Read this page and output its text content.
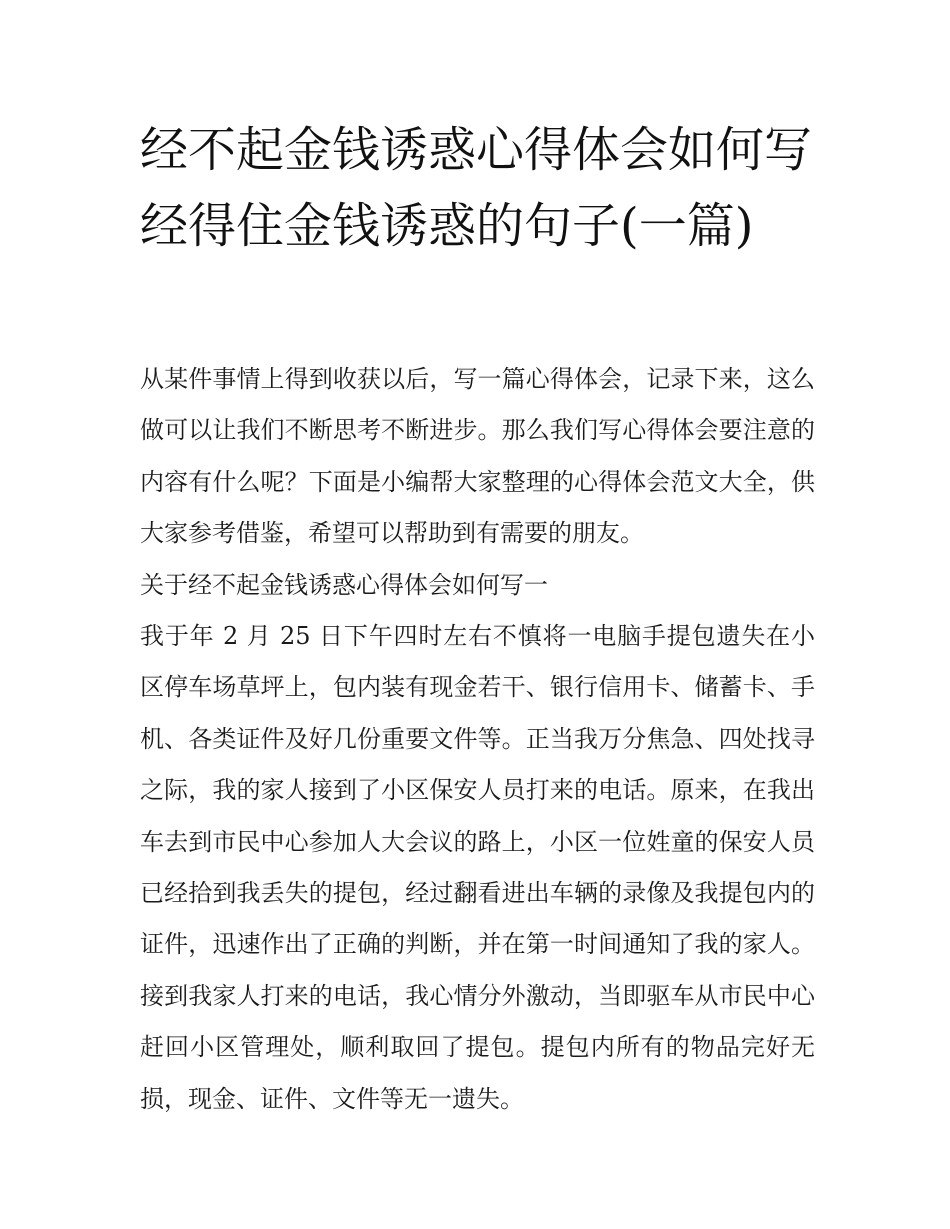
经不起金钱诱惑心得体会如何写 经得住金钱诱惑的句子(一篇)

从某件事情上得到收获以后，写一篇心得体会，记录下来，这么做可以让我们不断思考不断进步。那么我们写心得体会要注意的内容有什么呢？下面是小编帮大家整理的心得体会范文大全，供大家参考借鉴，希望可以帮助到有需要的朋友。

关于经不起金钱诱惑心得体会如何写一

我于年 2 月 25 日下午四时左右不慎将一电脑手提包遗失在小区停车场草坪上，包内装有现金若干、银行信用卡、储蓄卡、手机、各类证件及好几份重要文件等。正当我万分焦急、四处找寻之际，我的家人接到了小区保安人员打来的电话。原来，在我出车去到市民中心参加人大会议的路上，小区一位姓童的保安人员已经拾到我丢失的提包，经过翻看进出车辆的录像及我提包内的证件，迅速作出了正确的判断，并在第一时间通知了我的家人。接到我家人打来的电话，我心情分外激动，当即驱车从市民中心赶回小区管理处，顺利取回了提包。提包内所有的物品完好无损，现金、证件、文件等无一遗失。
